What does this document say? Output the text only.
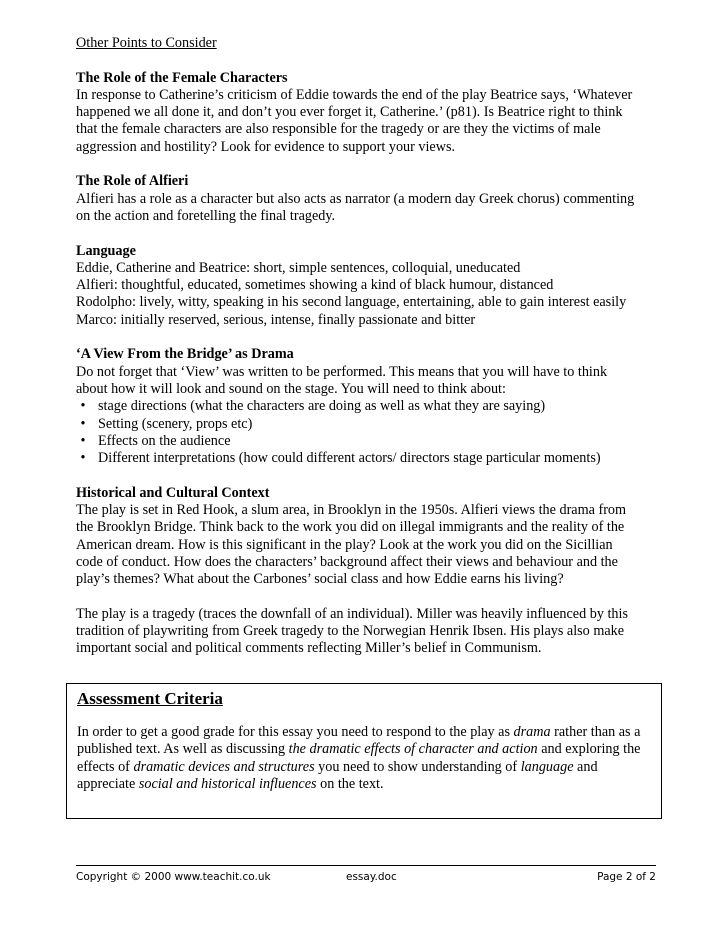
Other Points to Consider

The Role of the Female Characters

In response to Catherine’s criticism of Eddie towards the end of the play Beatrice says, ‘Whatever

happened we all done it, and don’t you ever forget it, Catherine.’ (p81). Is Beatrice right to think

that the female characters are also responsible for the tragedy or are they the victims of male

aggression and hostility? Look for evidence to support your views.

The Role of Alfieri

Alfieri has a role as a character but also acts as narrator (a modern day Greek chorus) commenting

on the action and foretelling the final tragedy.

Language

Eddie, Catherine and Beatrice: short, simple sentences, colloquial, uneducated

Alfieri: thoughtful, educated, sometimes showing a kind of black humour, distanced

Rodolpho: lively, witty, speaking in his second language, entertaining, able to gain interest easily

Marco: initially reserved, serious, intense, finally passionate and bitter

‘A View From the Bridge’ as Drama

Do not forget that ‘View’ was written to be performed. This means that you will have to think

about how it will look and sound on the stage. You will need to think about:

• stage directions (what the characters are doing as well as what they are saying)
• Setting (scenery, props etc)
• Effects on the audience
• Different interpretations (how could different actors/ directors stage particular moments)

Historical and Cultural Context

The play is set in Red Hook, a slum area, in Brooklyn in the 1950s. Alfieri views the drama from

the Brooklyn Bridge. Think back to the work you did on illegal immigrants and the reality of the

American dream. How is this significant in the play? Look at the work you did on the Sicillian

code of conduct. How does the characters’ background affect their views and behaviour and the

play’s themes? What about the Carbones’ social class and how Eddie earns his living?

The play is a tragedy (traces the downfall of an individual). Miller was heavily influenced by this

tradition of playwriting from Greek tragedy to the Norwegian Henrik Ibsen. His plays also make

important social and political comments reflecting Miller’s belief in Communism.

Assessment Criteria

In order to get a good grade for this essay you need to respond to the play as drama rather than as a

published text. As well as discussing the dramatic effects of character and action and exploring the

effects of dramatic devices and structures you need to show understanding of language and

appreciate social and historical influences on the text.

Copyright © 2000 www.teachit.co.uk	essay.doc	Page 2 of 2
